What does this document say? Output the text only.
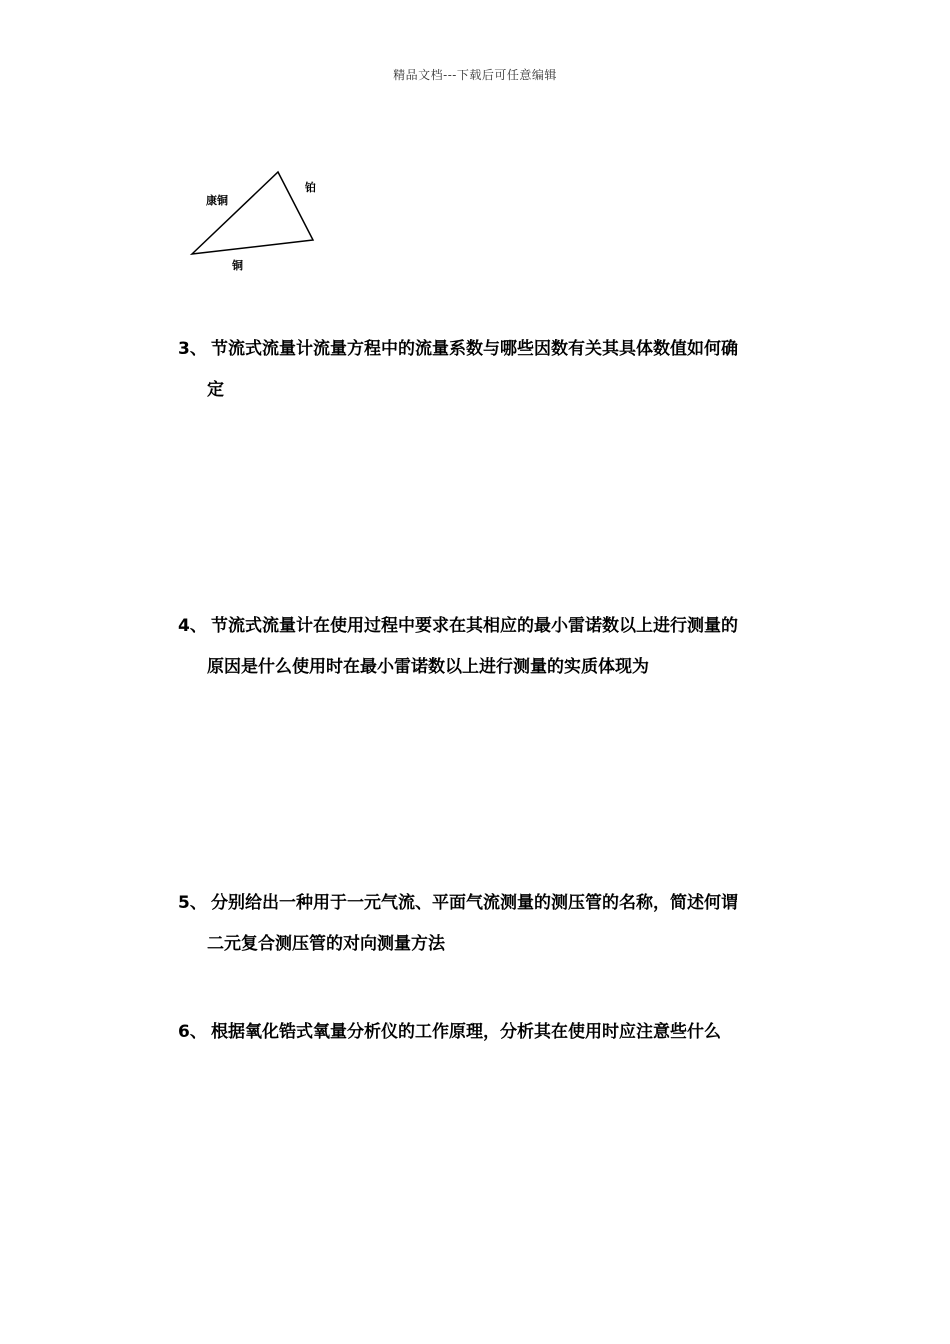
精品文档---下载后可任意编辑
康铜
铂
铜
3、 节流式流量计流量方程中的流量系数与哪些因数有关其具体数值如何确
定
4、 节流式流量计在使用过程中要求在其相应的最小雷诺数以上进行测量的
原因是什么使用时在最小雷诺数以上进行测量的实质体现为
5、 分别给出一种用于一元气流、平面气流测量的测压管的名称，简述何谓
二元复合测压管的对向测量方法
6、 根据氧化锆式氧量分析仪的工作原理，分析其在使用时应注意些什么
